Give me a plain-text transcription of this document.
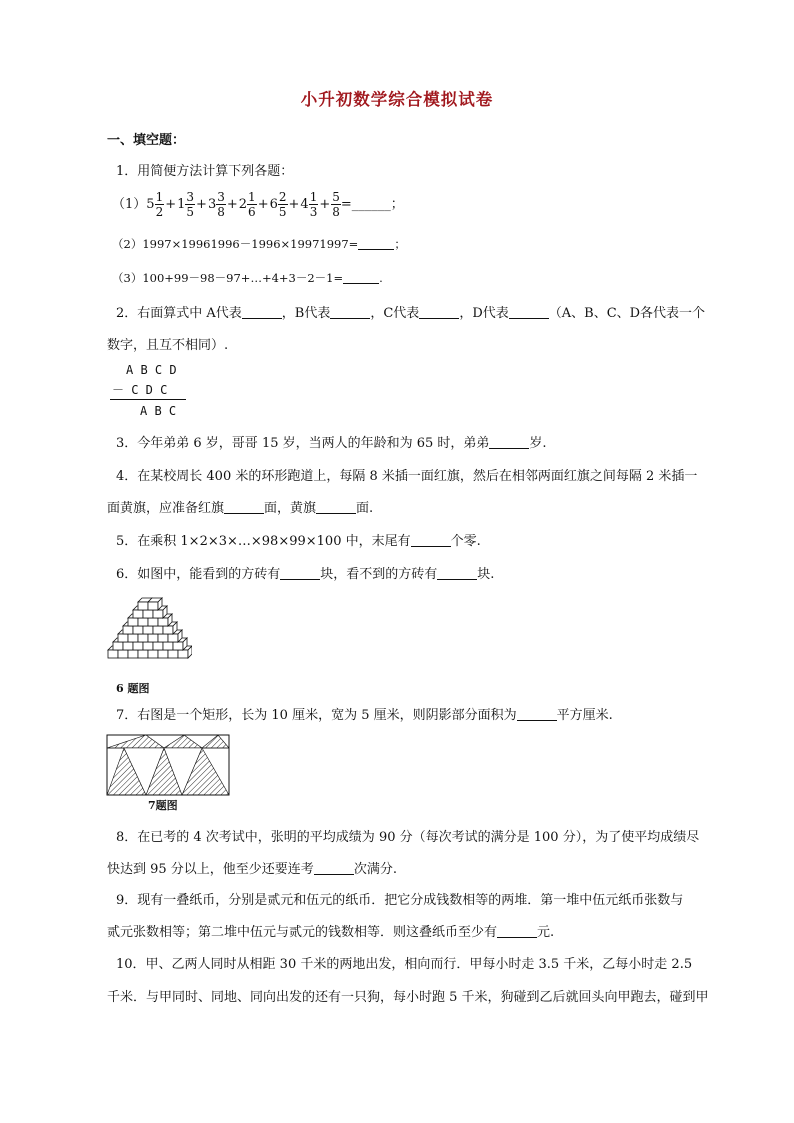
小升初数学综合模拟试卷
一、填空题：
1．用简便方法计算下列各题：
$(1)5 \frac{1}{2} +1 \frac{3}{5} +3 \frac{3}{8} +2 \frac{1}{6} +6 \frac{2}{5} +4 \frac{1}{3} + \frac{5}{8}$ =______；
（2）1997×19961996－1996×19971997=	；
（3）100+99－98－97+…+4+3－2－1=	.
2．右面算式中 A代表	，B代表	，C代表	，D代表	（A、B、C、D各代表一个
数字，且互不相同）.
A B C D
－ C D C
A B C
3．今年弟弟 6 岁，哥哥 15 岁，当两人的年龄和为 65 时，弟弟	岁.
4．在某校周长 400 米的环形跑道上，每隔 8 米插一面红旗，然后在相邻两面红旗之间每隔 2 米插一
面黄旗，应准备红旗	面，黄旗	面.
5．在乘积 1×2×3×…×98×99×100 中，末尾有	个零.
6．如图中，能看到的方砖有	块，看不到的方砖有	块.
6 题图
7．右图是一个矩形，长为 10 厘米，宽为 5 厘米，则阴影部分面积为	平方厘米.
7题图
8．在已考的 4 次考试中，张明的平均成绩为 90 分（每次考试的满分是 100 分），为了使平均成绩尽
快达到 95 分以上，他至少还要连考	次满分.
9．现有一叠纸币，分别是贰元和伍元的纸币．把它分成钱数相等的两堆．第一堆中伍元纸币张数与
贰元张数相等；第二堆中伍元与贰元的钱数相等．则这叠纸币至少有	元.
10．甲、乙两人同时从相距 30 千米的两地出发，相向而行．甲每小时走 3.5 千米，乙每小时走 2.5
千米．与甲同时、同地、同向出发的还有一只狗，每小时跑 5 千米，狗碰到乙后就回头向甲跑去，碰到甲
